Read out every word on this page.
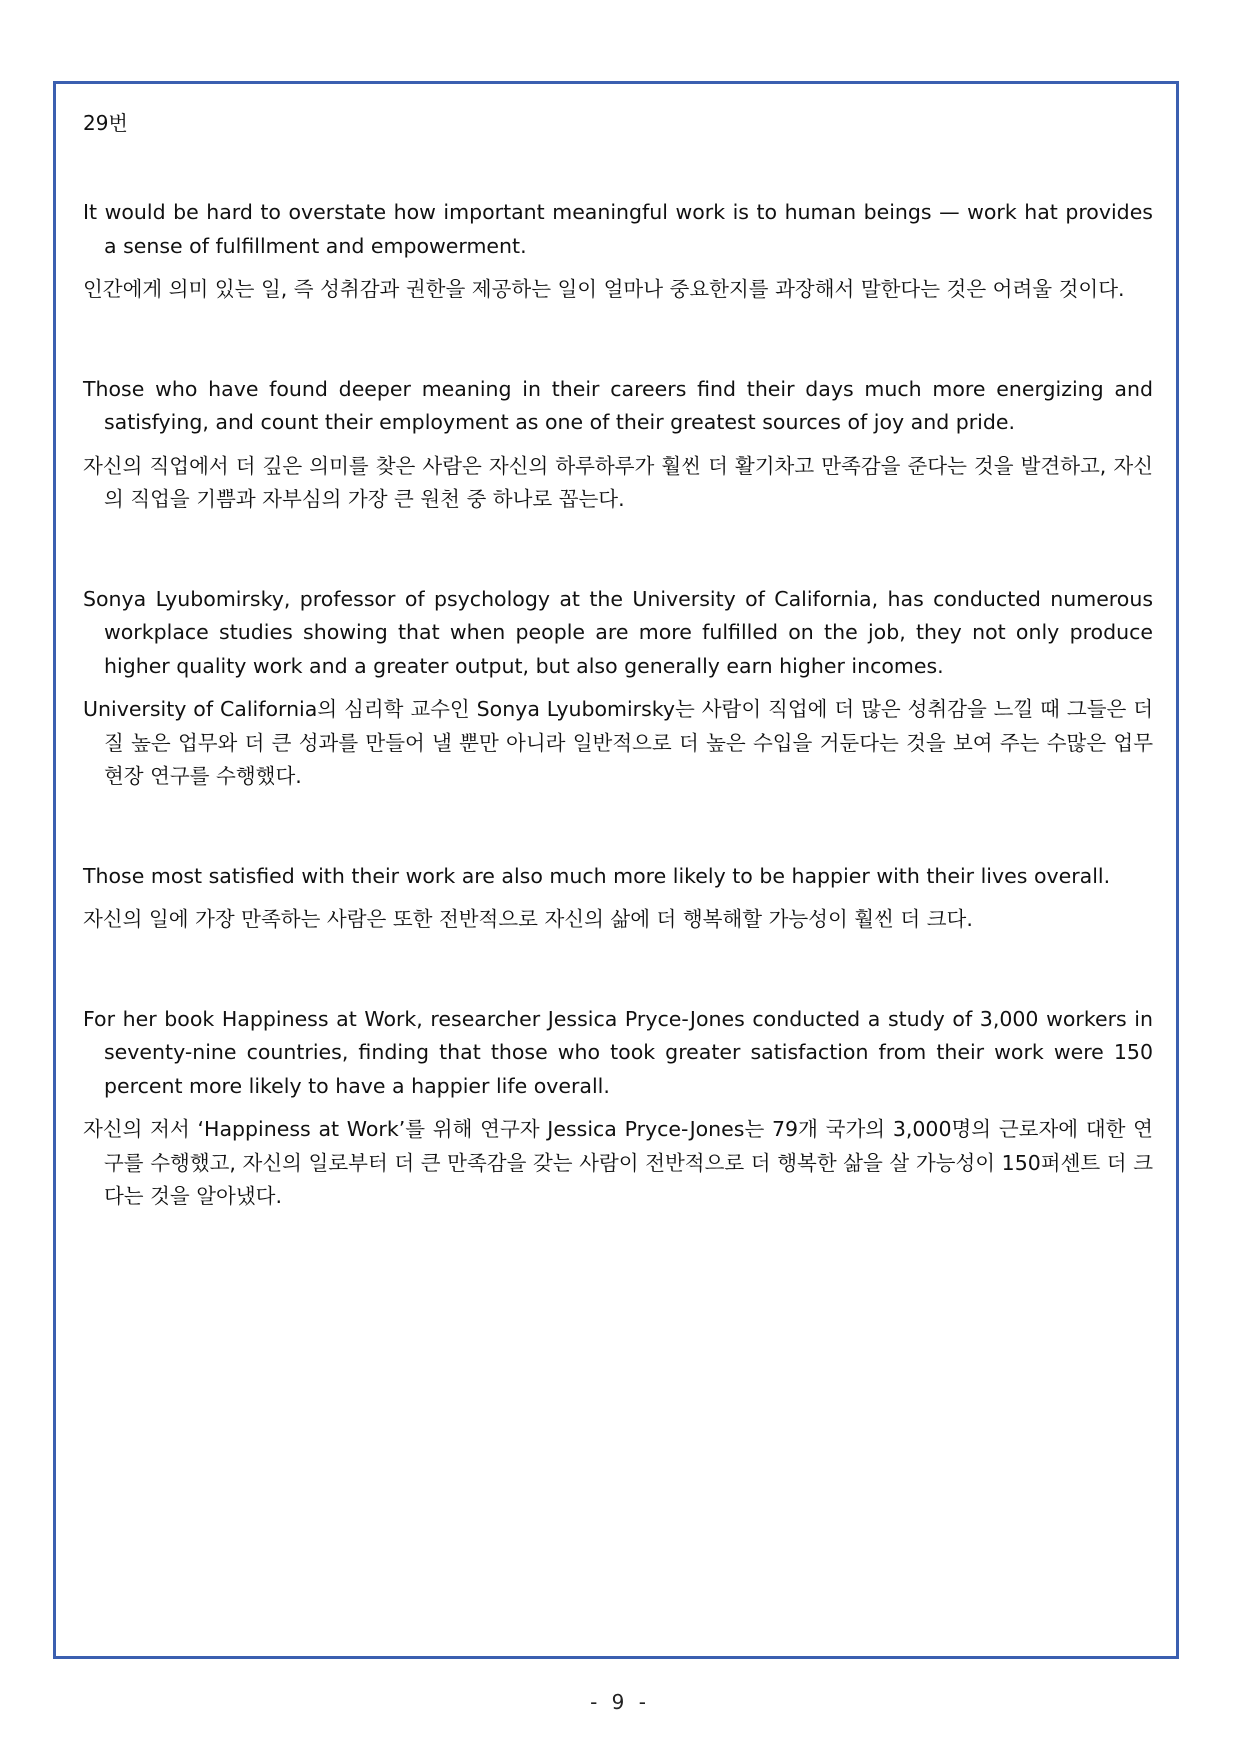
29번

It would be hard to overstate how important meaningful work is to human beings — work hat provides a sense of fulfillment and empowerment.

인간에게 의미 있는 일, 즉 성취감과 권한을 제공하는 일이 얼마나 중요한지를 과장해서 말한다는 것은 어려울 것이다.

Those who have found deeper meaning in their careers find their days much more energizing and satisfying, and count their employment as one of their greatest sources of joy and pride.

자신의 직업에서 더 깊은 의미를 찾은 사람은 자신의 하루하루가 훨씬 더 활기차고 만족감을 준다는 것을 발견하고, 자신의 직업을 기쁨과 자부심의 가장 큰 원천 중 하나로 꼽는다.

Sonya Lyubomirsky, professor of psychology at the University of California, has conducted numerous workplace studies showing that when people are more fulfilled on the job, they not only produce higher quality work and a greater output, but also generally earn higher incomes.

University of California의 심리학 교수인 Sonya Lyubomirsky는 사람이 직업에 더 많은 성취감을 느낄 때 그들은 더 질 높은 업무와 더 큰 성과를 만들어 낼 뿐만 아니라 일반적으로 더 높은 수입을 거둔다는 것을 보여 주는 수많은 업무 현장 연구를 수행했다.

Those most satisfied with their work are also much more likely to be happier with their lives overall.

자신의 일에 가장 만족하는 사람은 또한 전반적으로 자신의 삶에 더 행복해할 가능성이 훨씬 더 크다.

For her book Happiness at Work, researcher Jessica Pryce-Jones conducted a study of 3,000 workers in seventy-nine countries, finding that those who took greater satisfaction from their work were 150 percent more likely to have a happier life overall.

자신의 저서 ‘Happiness at Work’를 위해 연구자 Jessica Pryce-Jones는 79개 국가의 3,000명의 근로자에 대한 연구를 수행했고, 자신의 일로부터 더 큰 만족감을 갖는 사람이 전반적으로 더 행복한 삶을 살 가능성이 150퍼센트 더 크다는 것을 알아냈다.

- 9 -
